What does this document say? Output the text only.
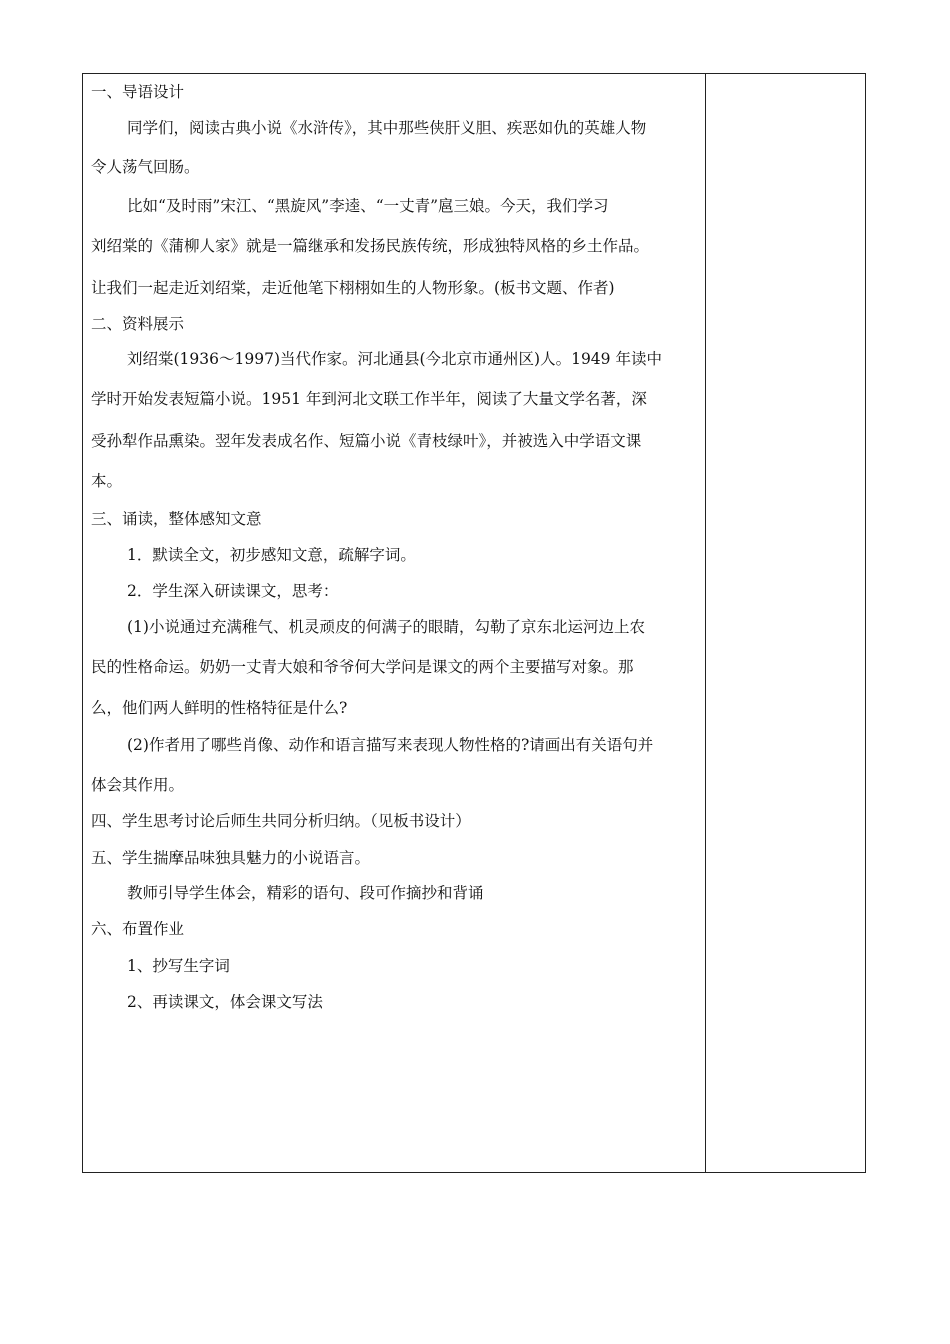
一、导语设计
同学们，阅读古典小说《水浒传》，其中那些侠肝义胆、疾恶如仇的英雄人物
令人荡气回肠。
比如“及时雨”宋江、“黑旋风”李逵、“一丈青”扈三娘。今天，我们学习
刘绍棠的《蒲柳人家》就是一篇继承和发扬民族传统，形成独特风格的乡土作品。
让我们一起走近刘绍棠，走近他笔下栩栩如生的人物形象。(板书文题、作者)
二、资料展示
刘绍棠(1936～1997)当代作家。河北通县(今北京市通州区)人。1949 年读中
学时开始发表短篇小说。1951 年到河北文联工作半年，阅读了大量文学名著，深
受孙犁作品熏染。翌年发表成名作、短篇小说《青枝绿叶》，并被选入中学语文课
本。
三、诵读，整体感知文意
1．默读全文，初步感知文意，疏解字词。
2．学生深入研读课文，思考：
(1)小说通过充满稚气、机灵顽皮的何满子的眼睛，勾勒了京东北运河边上农
民的性格命运。奶奶一丈青大娘和爷爷何大学问是课文的两个主要描写对象。那
么，他们两人鲜明的性格特征是什么?
(2)作者用了哪些肖像、动作和语言描写来表现人物性格的?请画出有关语句并
体会其作用。
四、学生思考讨论后师生共同分析归纳。（见板书设计）
五、学生揣摩品味独具魅力的小说语言。
教师引导学生体会，精彩的语句、段可作摘抄和背诵
六、布置作业
1、抄写生字词
2、再读课文，体会课文写法
